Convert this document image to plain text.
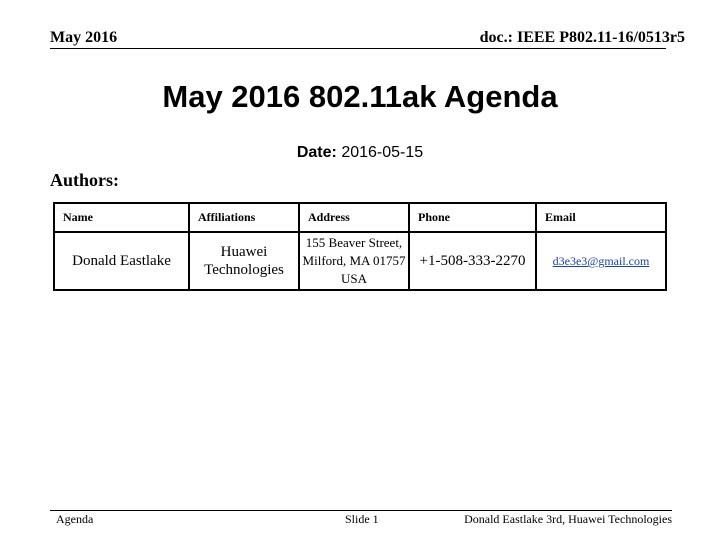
May 2016	doc.: IEEE P802.11-16/0513r5
May 2016 802.11ak Agenda
Date: 2016-05-15
Authors:
Name	Affiliations	Address	Phone	Email
Donald Eastlake	Huawei Technologies	155 Beaver Street, Milford, MA 01757 USA	+1-508-333-2270	d3e3e3@gmail.com
Agenda	Slide 1	Donald Eastlake 3rd, Huawei Technologies
